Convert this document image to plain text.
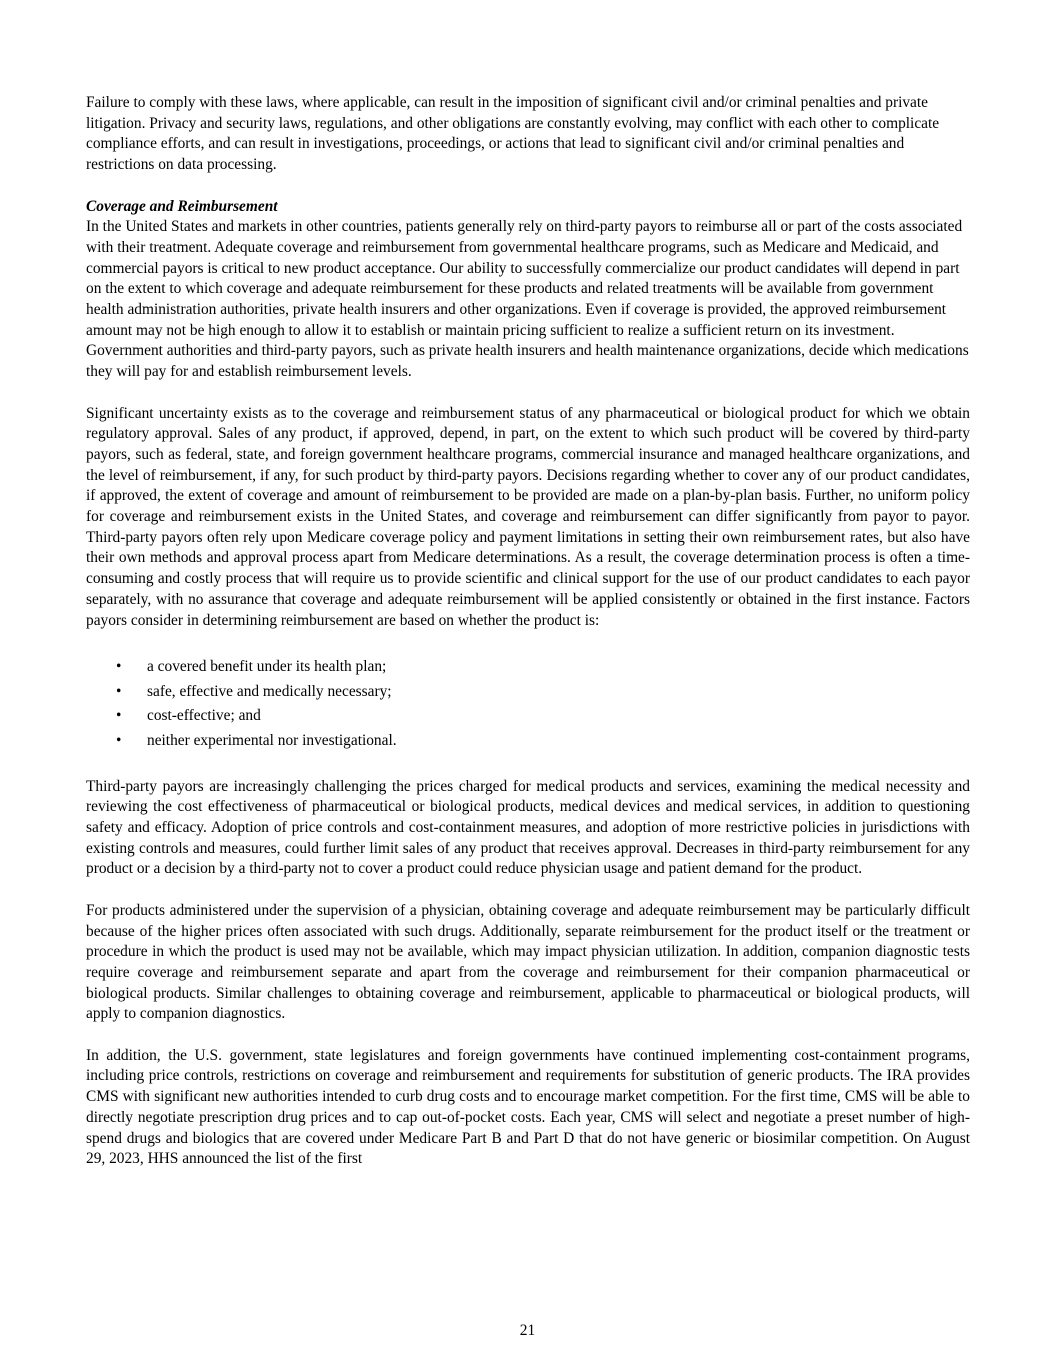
Failure to comply with these laws, where applicable, can result in the imposition of significant civil and/or criminal penalties and private litigation. Privacy and security laws, regulations, and other obligations are constantly evolving, may conflict with each other to complicate compliance efforts, and can result in investigations, proceedings, or actions that lead to significant civil and/or criminal penalties and restrictions on data processing.

Coverage and Reimbursement

In the United States and markets in other countries, patients generally rely on third-party payors to reimburse all or part of the costs associated with their treatment. Adequate coverage and reimbursement from governmental healthcare programs, such as Medicare and Medicaid, and commercial payors is critical to new product acceptance. Our ability to successfully commercialize our product candidates will depend in part on the extent to which coverage and adequate reimbursement for these products and related treatments will be available from government health administration authorities, private health insurers and other organizations. Even if coverage is provided, the approved reimbursement amount may not be high enough to allow it to establish or maintain pricing sufficient to realize a sufficient return on its investment. Government authorities and third-party payors, such as private health insurers and health maintenance organizations, decide which medications they will pay for and establish reimbursement levels.

Significant uncertainty exists as to the coverage and reimbursement status of any pharmaceutical or biological product for which we obtain regulatory approval. Sales of any product, if approved, depend, in part, on the extent to which such product will be covered by third-party payors, such as federal, state, and foreign government healthcare programs, commercial insurance and managed healthcare organizations, and the level of reimbursement, if any, for such product by third-party payors. Decisions regarding whether to cover any of our product candidates, if approved, the extent of coverage and amount of reimbursement to be provided are made on a plan-by-plan basis. Further, no uniform policy for coverage and reimbursement exists in the United States, and coverage and reimbursement can differ significantly from payor to payor. Third-party payors often rely upon Medicare coverage policy and payment limitations in setting their own reimbursement rates, but also have their own methods and approval process apart from Medicare determinations. As a result, the coverage determination process is often a time-consuming and costly process that will require us to provide scientific and clinical support for the use of our product candidates to each payor separately, with no assurance that coverage and adequate reimbursement will be applied consistently or obtained in the first instance. Factors payors consider in determining reimbursement are based on whether the product is:

• a covered benefit under its health plan;
• safe, effective and medically necessary;
• cost-effective; and
• neither experimental nor investigational.

Third-party payors are increasingly challenging the prices charged for medical products and services, examining the medical necessity and reviewing the cost effectiveness of pharmaceutical or biological products, medical devices and medical services, in addition to questioning safety and efficacy. Adoption of price controls and cost-containment measures, and adoption of more restrictive policies in jurisdictions with existing controls and measures, could further limit sales of any product that receives approval. Decreases in third-party reimbursement for any product or a decision by a third-party not to cover a product could reduce physician usage and patient demand for the product.

For products administered under the supervision of a physician, obtaining coverage and adequate reimbursement may be particularly difficult because of the higher prices often associated with such drugs. Additionally, separate reimbursement for the product itself or the treatment or procedure in which the product is used may not be available, which may impact physician utilization. In addition, companion diagnostic tests require coverage and reimbursement separate and apart from the coverage and reimbursement for their companion pharmaceutical or biological products. Similar challenges to obtaining coverage and reimbursement, applicable to pharmaceutical or biological products, will apply to companion diagnostics.

In addition, the U.S. government, state legislatures and foreign governments have continued implementing cost-containment programs, including price controls, restrictions on coverage and reimbursement and requirements for substitution of generic products. The IRA provides CMS with significant new authorities intended to curb drug costs and to encourage market competition. For the first time, CMS will be able to directly negotiate prescription drug prices and to cap out-of-pocket costs. Each year, CMS will select and negotiate a preset number of high-spend drugs and biologics that are covered under Medicare Part B and Part D that do not have generic or biosimilar competition. On August 29, 2023, HHS announced the list of the first

21
